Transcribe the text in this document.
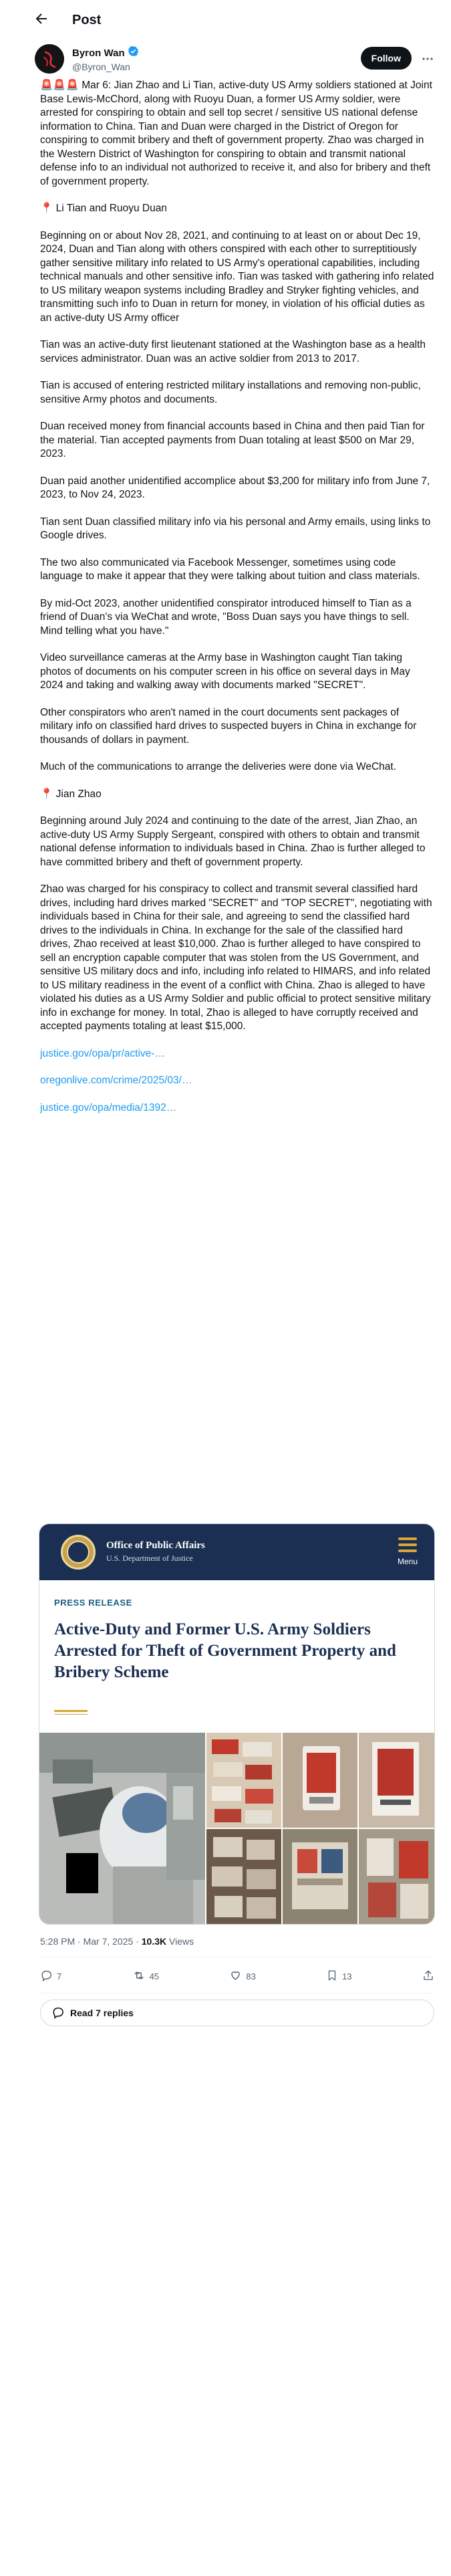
Post
Byron Wan
@Byron_Wan
Follow

🚨🚨🚨 Mar 6: Jian Zhao and Li Tian, active-duty US Army soldiers stationed at Joint Base Lewis-McChord, along with Ruoyu Duan, a former US Army soldier, were arrested for conspiring to obtain and sell top secret / sensitive US national defense information to China. Tian and Duan were charged in the District of Oregon for conspiring to commit bribery and theft of government property. Zhao was charged in the Western District of Washington for conspiring to obtain and transmit national defense info to an individual not authorized to receive it, and also for bribery and theft of government property.

📍 Li Tian and Ruoyu Duan

Beginning on or about Nov 28, 2021, and continuing to at least on or about Dec 19, 2024, Duan and Tian along with others conspired with each other to surreptitiously gather sensitive military info related to US Army's operational capabilities, including technical manuals and other sensitive info. Tian was tasked with gathering info related to US military weapon systems including Bradley and Stryker fighting vehicles, and transmitting such info to Duan in return for money, in violation of his official duties as an active-duty US Army officer

Tian was an active-duty first lieutenant stationed at the Washington base as a health services administrator. Duan was an active soldier from 2013 to 2017.

Tian is accused of entering restricted military installations and removing non-public, sensitive Army photos and documents.

Duan received money from financial accounts based in China and then paid Tian for the material. Tian accepted payments from Duan totaling at least $500 on Mar 29, 2023.

Duan paid another unidentified accomplice about $3,200 for military info from June 7, 2023, to Nov 24, 2023.

Tian sent Duan classified military info via his personal and Army emails, using links to Google drives.

The two also communicated via Facebook Messenger, sometimes using code language to make it appear that they were talking about tuition and class materials.

By mid-Oct 2023, another unidentified conspirator introduced himself to Tian as a friend of Duan's via WeChat and wrote, "Boss Duan says you have things to sell. Mind telling what you have."

Video surveillance cameras at the Army base in Washington caught Tian taking photos of documents on his computer screen in his office on several days in May 2024 and taking and walking away with documents marked "SECRET".

Other conspirators who aren't named in the court documents sent packages of military info on classified hard drives to suspected buyers in China in exchange for thousands of dollars in payment.

Much of the communications to arrange the deliveries were done via WeChat.

📍 Jian Zhao

Beginning around July 2024 and continuing to the date of the arrest, Jian Zhao, an active-duty US Army Supply Sergeant, conspired with others to obtain and transmit national defense information to individuals based in China. Zhao is further alleged to have committed bribery and theft of government property.

Zhao was charged for his conspiracy to collect and transmit several classified hard drives, including hard drives marked "SECRET" and "TOP SECRET", negotiating with individuals based in China for their sale, and agreeing to send the classified hard drives to the individuals in China. In exchange for the sale of the classified hard drives, Zhao received at least $10,000. Zhao is further alleged to have conspired to sell an encryption capable computer that was stolen from the US Government, and sensitive US military docs and info, including info related to HIMARS, and info related to US military readiness in the event of a conflict with China. Zhao is alleged to have violated his duties as a US Army Soldier and public official to protect sensitive military info in exchange for money. In total, Zhao is alleged to have corruptly received and accepted payments totaling at least $15,000.

justice.gov/opa/pr/active-…
oregonlive.com/crime/2025/03/…
justice.gov/opa/media/1392…
Office of Public Affairs
U.S. Department of Justice	Menu
PRESS RELEASE
Active-Duty and Former U.S. Army Soldiers Arrested for Theft of Government Property and Bribery Scheme
5:28 PM · Mar 7, 2025 · 10.3K Views
7	45	83	13
Read 7 replies
